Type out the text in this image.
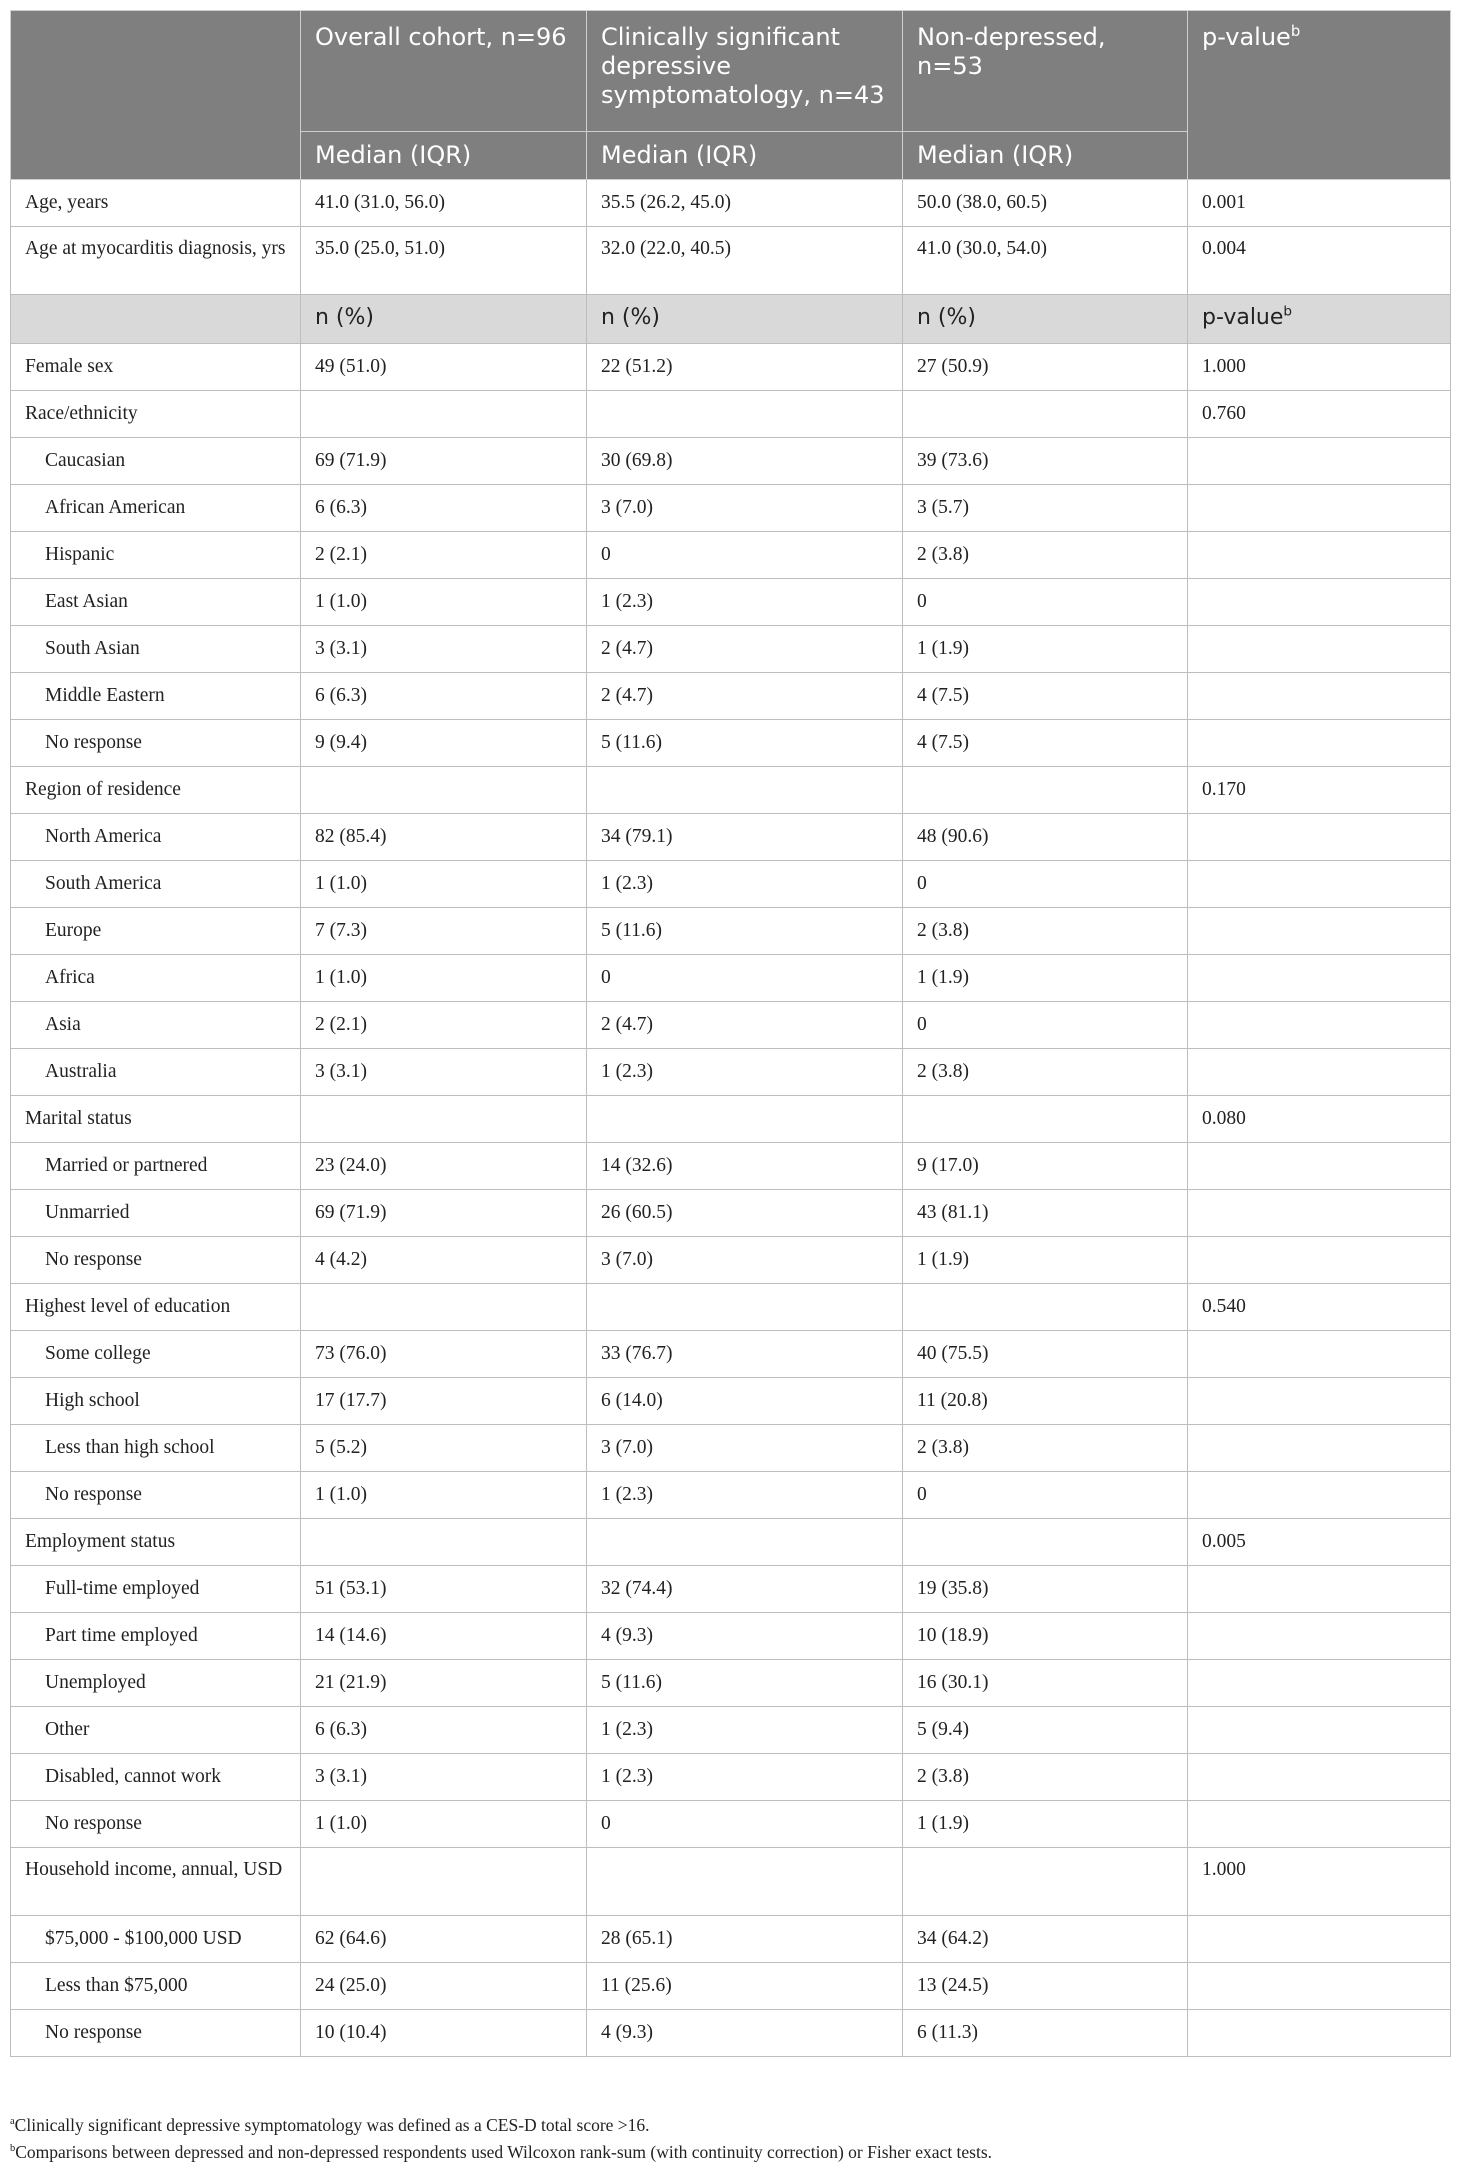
	Overall cohort, n=96	Clinically significant depressive symptomatology, n=43	Non-depressed, n=53	p-value$^b$
	Median (IQR)	Median (IQR)	Median (IQR)	
Age, years	41.0 (31.0, 56.0)	35.5 (26.2, 45.0)	50.0 (38.0, 60.5)	0.001
Age at myocarditis diagnosis, yrs	35.0 (25.0, 51.0)	32.0 (22.0, 40.5)	41.0 (30.0, 54.0)	0.004
	n (%)	n (%)	n (%)	p-value$^b$
Female sex	49 (51.0)	22 (51.2)	27 (50.9)	1.000
Race/ethnicity				0.760
Caucasian	69 (71.9)	30 (69.8)	39 (73.6)	
African American	6 (6.3)	3 (7.0)	3 (5.7)	
Hispanic	2 (2.1)	0	2 (3.8)	
East Asian	1 (1.0)	1 (2.3)	0	
South Asian	3 (3.1)	2 (4.7)	1 (1.9)	
Middle Eastern	6 (6.3)	2 (4.7)	4 (7.5)	
No response	9 (9.4)	5 (11.6)	4 (7.5)	
Region of residence				0.170
North America	82 (85.4)	34 (79.1)	48 (90.6)	
South America	1 (1.0)	1 (2.3)	0	
Europe	7 (7.3)	5 (11.6)	2 (3.8)	
Africa	1 (1.0)	0	1 (1.9)	
Asia	2 (2.1)	2 (4.7)	0	
Australia	3 (3.1)	1 (2.3)	2 (3.8)	
Marital status				0.080
Married or partnered	23 (24.0)	14 (32.6)	9 (17.0)	
Unmarried	69 (71.9)	26 (60.5)	43 (81.1)	
No response	4 (4.2)	3 (7.0)	1 (1.9)	
Highest level of education				0.540
Some college	73 (76.0)	33 (76.7)	40 (75.5)	
High school	17 (17.7)	6 (14.0)	11 (20.8)	
Less than high school	5 (5.2)	3 (7.0)	2 (3.8)	
No response	1 (1.0)	1 (2.3)	0	
Employment status				0.005
Full-time employed	51 (53.1)	32 (74.4)	19 (35.8)	
Part time employed	14 (14.6)	4 (9.3)	10 (18.9)	
Unemployed	21 (21.9)	5 (11.6)	16 (30.1)	
Other	6 (6.3)	1 (2.3)	5 (9.4)	
Disabled, cannot work	3 (3.1)	1 (2.3)	2 (3.8)	
No response	1 (1.0)	0	1 (1.9)	
Household income, annual, USD				1.000
$75,000 - $100,000 USD	62 (64.6)	28 (65.1)	34 (64.2)	
Less than $75,000	24 (25.0)	11 (25.6)	13 (24.5)	
No response	10 (10.4)	4 (9.3)	6 (11.3)	
$^a$Clinically significant depressive symptomatology was defined as a CES-D total score >16.
$^b$Comparisons between depressed and non-depressed respondents used Wilcoxon rank-sum (with continuity correction) or Fisher exact tests.
